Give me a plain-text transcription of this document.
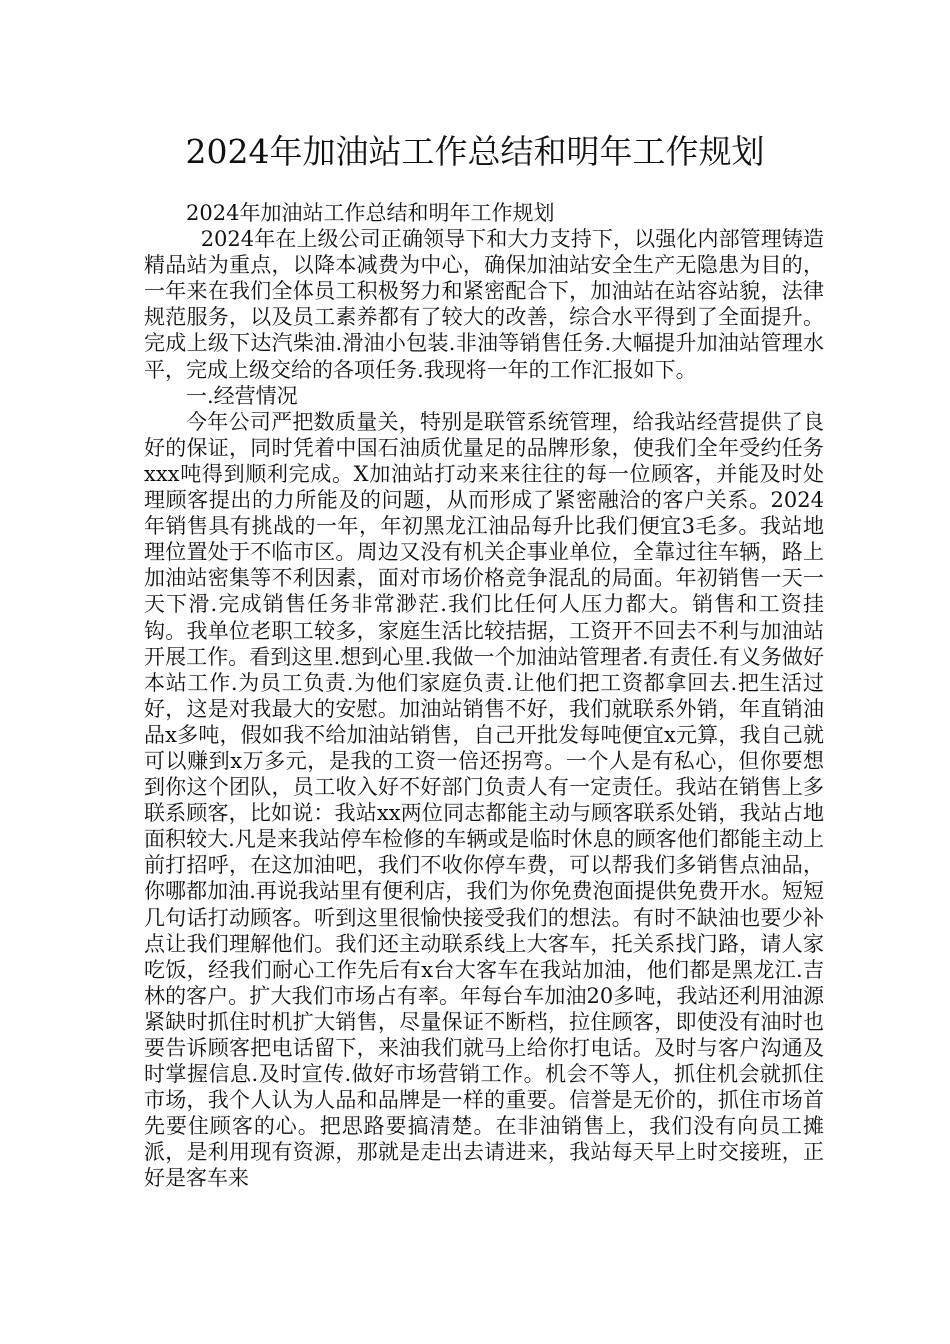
2024年加油站工作总结和明年工作规划

2024年加油站工作总结和明年工作规划

2024年在上级公司正确领导下和大力支持下，以强化内部管理铸造精品站为重点，以降本减费为中心，确保加油站安全生产无隐患为目的，一年来在我们全体员工积极努力和紧密配合下，加油站在站容站貌，法律规范服务，以及员工素养都有了较大的改善，综合水平得到了全面提升。完成上级下达汽柴油.滑油小包装.非油等销售任务.大幅提升加油站管理水平，完成上级交给的各项任务.我现将一年的工作汇报如下。

一.经营情况

今年公司严把数质量关，特别是联管系统管理，给我站经营提供了良好的保证，同时凭着中国石油质优量足的品牌形象，使我们全年受约任务xxx吨得到顺利完成。X加油站打动来来往往的每一位顾客，并能及时处理顾客提出的力所能及的问题，从而形成了紧密融洽的客户关系。2024年销售具有挑战的一年，年初黑龙江油品每升比我们便宜3毛多。我站地理位置处于不临市区。周边又没有机关企事业单位，全靠过往车辆，路上加油站密集等不利因素，面对市场价格竞争混乱的局面。年初销售一天一天下滑.完成销售任务非常渺茫.我们比任何人压力都大。销售和工资挂钩。我单位老职工较多，家庭生活比较拮据，工资开不回去不利与加油站开展工作。看到这里.想到心里.我做一个加油站管理者.有责任.有义务做好本站工作.为员工负责.为他们家庭负责.让他们把工资都拿回去.把生活过好，这是对我最大的安慰。加油站销售不好，我们就联系外销，年直销油品x多吨，假如我不给加油站销售，自己开批发每吨便宜x元算，我自己就可以赚到x万多元，是我的工资一倍还拐弯。一个人是有私心，但你要想到你这个团队，员工收入好不好部门负责人有一定责任。我站在销售上多联系顾客，比如说：我站xx两位同志都能主动与顾客联系处销，我站占地面积较大.凡是来我站停车检修的车辆或是临时休息的顾客他们都能主动上前打招呼，在这加油吧，我们不收你停车费，可以帮我们多销售点油品，你哪都加油.再说我站里有便利店，我们为你免费泡面提供免费开水。短短几句话打动顾客。听到这里很愉快接受我们的想法。有时不缺油也要少补点让我们理解他们。我们还主动联系线上大客车，托关系找门路，请人家吃饭，经我们耐心工作先后有x台大客车在我站加油，他们都是黑龙江.吉林的客户。扩大我们市场占有率。年每台车加油20多吨，我站还利用油源紧缺时抓住时机扩大销售，尽量保证不断档，拉住顾客，即使没有油时也要告诉顾客把电话留下，来油我们就马上给你打电话。及时与客户沟通及时掌握信息.及时宣传.做好市场营销工作。机会不等人，抓住机会就抓住市场，我个人认为人品和品牌是一样的重要。信誉是无价的，抓住市场首先要住顾客的心。把思路要搞清楚。在非油销售上，我们没有向员工摊派，是利用现有资源，那就是走出去请进来，我站每天早上时交接班，正好是客车来
